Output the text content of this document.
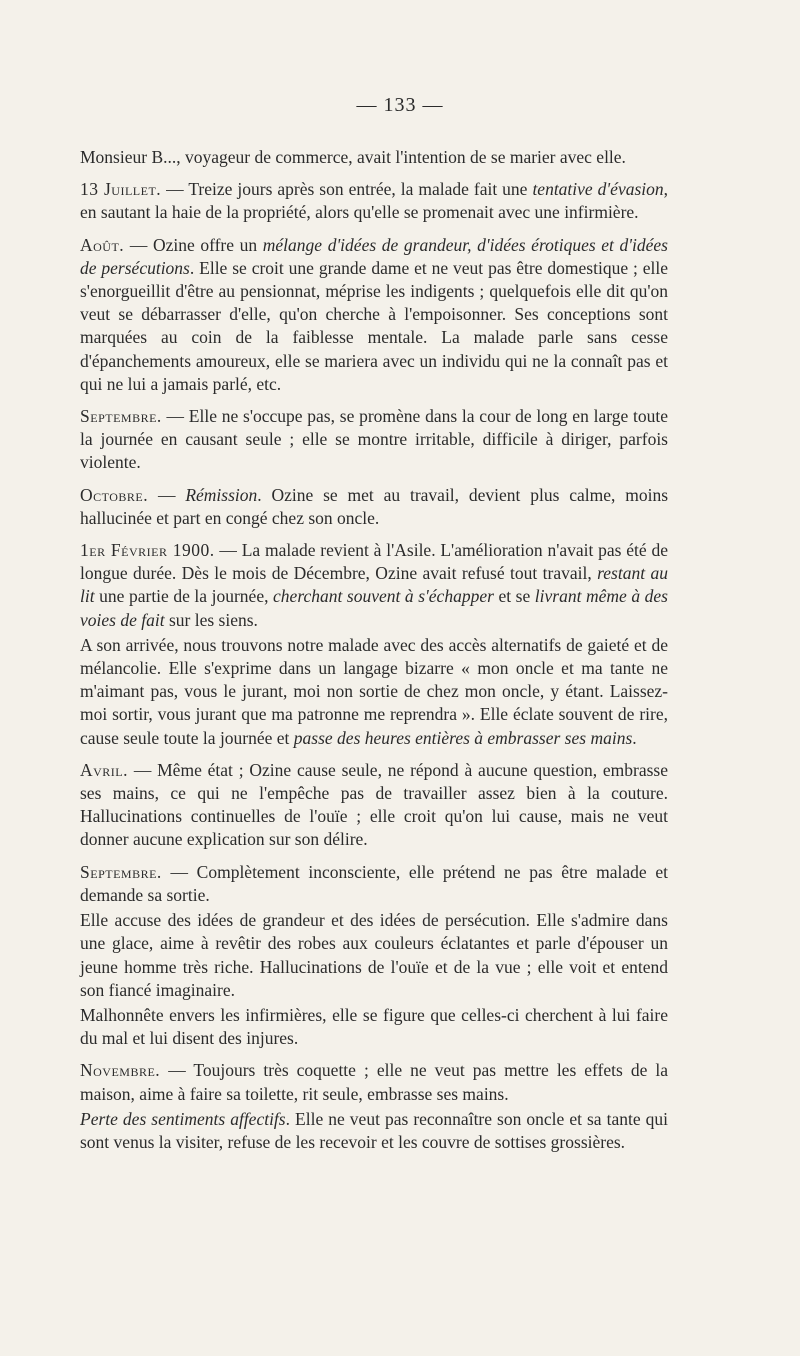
— 133 —

Monsieur B..., voyageur de commerce, avait l'intention de se marier avec elle.

13 Juillet. — Treize jours après son entrée, la malade fait une tentative d'évasion, en sautant la haie de la propriété, alors qu'elle se promenait avec une infirmière.

Août. — Ozine offre un mélange d'idées de grandeur, d'idées érotiques et d'idées de persécutions. Elle se croit une grande dame et ne veut pas être domestique ; elle s'enorgueillit d'être au pensionnat, méprise les indigents ; quelquefois elle dit qu'on veut se débarrasser d'elle, qu'on cherche à l'empoisonner. Ses conceptions sont marquées au coin de la faiblesse mentale. La malade parle sans cesse d'épanchements amoureux, elle se mariera avec un individu qui ne la connaît pas et qui ne lui a jamais parlé, etc.

Septembre. — Elle ne s'occupe pas, se promène dans la cour de long en large toute la journée en causant seule ; elle se montre irritable, difficile à diriger, parfois violente.

Octobre. — Rémission. Ozine se met au travail, devient plus calme, moins hallucinée et part en congé chez son oncle.

1er Février 1900. — La malade revient à l'Asile. L'amélioration n'avait pas été de longue durée. Dès le mois de Décembre, Ozine avait refusé tout travail, restant au lit une partie de la journée, cherchant souvent à s'échapper et se livrant même à des voies de fait sur les siens.

A son arrivée, nous trouvons notre malade avec des accès alternatifs de gaieté et de mélancolie. Elle s'exprime dans un langage bizarre « mon oncle et ma tante ne m'aimant pas, vous le jurant, moi non sortie de chez mon oncle, y étant. Laissez-moi sortir, vous jurant que ma patronne me reprendra ». Elle éclate souvent de rire, cause seule toute la journée et passe des heures entières à embrasser ses mains.

Avril. — Même état ; Ozine cause seule, ne répond à aucune question, embrasse ses mains, ce qui ne l'empêche pas de travailler assez bien à la couture. Hallucinations continuelles de l'ouïe ; elle croit qu'on lui cause, mais ne veut donner aucune explication sur son délire.

Septembre. — Complètement inconsciente, elle prétend ne pas être malade et demande sa sortie.

Elle accuse des idées de grandeur et des idées de persécution. Elle s'admire dans une glace, aime à revêtir des robes aux couleurs éclatantes et parle d'épouser un jeune homme très riche. Hallucinations de l'ouïe et de la vue ; elle voit et entend son fiancé imaginaire.

Malhonnête envers les infirmières, elle se figure que celles-ci cherchent à lui faire du mal et lui disent des injures.

Novembre. — Toujours très coquette ; elle ne veut pas mettre les effets de la maison, aime à faire sa toilette, rit seule, embrasse ses mains.

Perte des sentiments affectifs. Elle ne veut pas reconnaître son oncle et sa tante qui sont venus la visiter, refuse de les recevoir et les couvre de sottises grossières.
